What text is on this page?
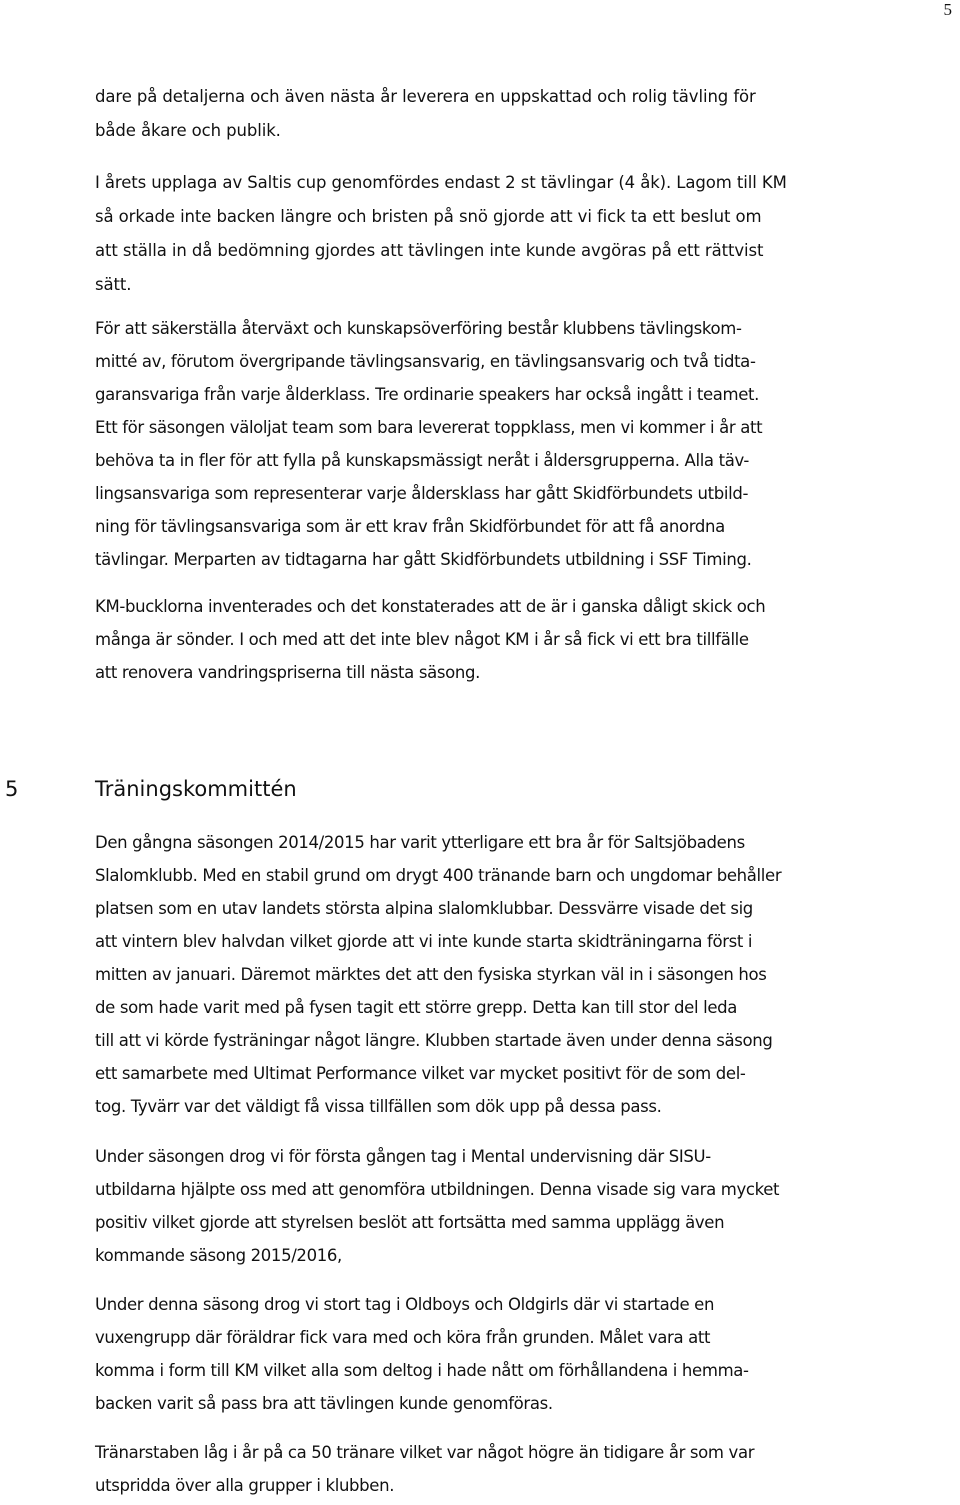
5

dare på detaljerna och även nästa år leverera en uppskattad och rolig tävling för
både åkare och publik.

I årets upplaga av Saltis cup genomfördes endast 2 st tävlingar (4 åk). Lagom till KM
så orkade inte backen längre och bristen på snö gjorde att vi fick ta ett beslut om
att ställa in då bedömning gjordes att tävlingen inte kunde avgöras på ett rättvist
sätt.

För att säkerställa återväxt och kunskapsöverföring består klubbens tävlingskom-
mitté av, förutom övergripande tävlingsansvarig, en tävlingsansvarig och två tidta-
garansvariga från varje ålderklass. Tre ordinarie speakers har också ingått i teamet.
Ett för säsongen väloljat team som bara levererat toppklass, men vi kommer i år att
behöva ta in fler för att fylla på kunskapsmässigt neråt i åldersgrupperna. Alla täv-
lingsansvariga som representerar varje åldersklass har gått Skidförbundets utbild-
ning för tävlingsansvariga som är ett krav från Skidförbundet för att få anordna
tävlingar. Merparten av tidtagarna har gått Skidförbundets utbildning i SSF Timing.

KM-bucklorna inventerades och det konstaterades att de är i ganska dåligt skick och
många är sönder. I och med att det inte blev något KM i år så fick vi ett bra tillfälle
att renovera vandringspriserna till nästa säsong.

Den gångna säsongen 2014/2015 har varit ytterligare ett bra år för Saltsjöbadens
Slalomklubb. Med en stabil grund om drygt 400 tränande barn och ungdomar behåller
platsen som en utav landets största alpina slalomklubbar. Dessvärre visade det sig
att vintern blev halvdan vilket gjorde att vi inte kunde starta skidträningarna först i
mitten av januari. Däremot märktes det att den fysiska styrkan väl in i säsongen hos
de som hade varit med på fysen tagit ett större grepp. Detta kan till stor del leda
till att vi körde fysträningar något längre. Klubben startade även under denna säsong
ett samarbete med Ultimat Performance vilket var mycket positivt för de som del-
tog. Tyvärr var det väldigt få vissa tillfällen som dök upp på dessa pass.

Under säsongen drog vi för första gången tag i Mental undervisning där SISU-
utbildarna hjälpte oss med att genomföra utbildningen. Denna visade sig vara mycket
positiv vilket gjorde att styrelsen beslöt att fortsätta med samma upplägg även
kommande säsong 2015/2016,

Under denna säsong drog vi stort tag i Oldboys och Oldgirls där vi startade en
vuxengrupp där föräldrar fick vara med och köra från grunden. Målet vara att
komma i form till KM vilket alla som deltog i hade nått om förhållandena i hemma-
backen varit så pass bra att tävlingen kunde genomföras.

Tränarstaben låg i år på ca 50 tränare vilket var något högre än tidigare år som var
utspridda över alla grupper i klubben.

5	Träningskommittén
